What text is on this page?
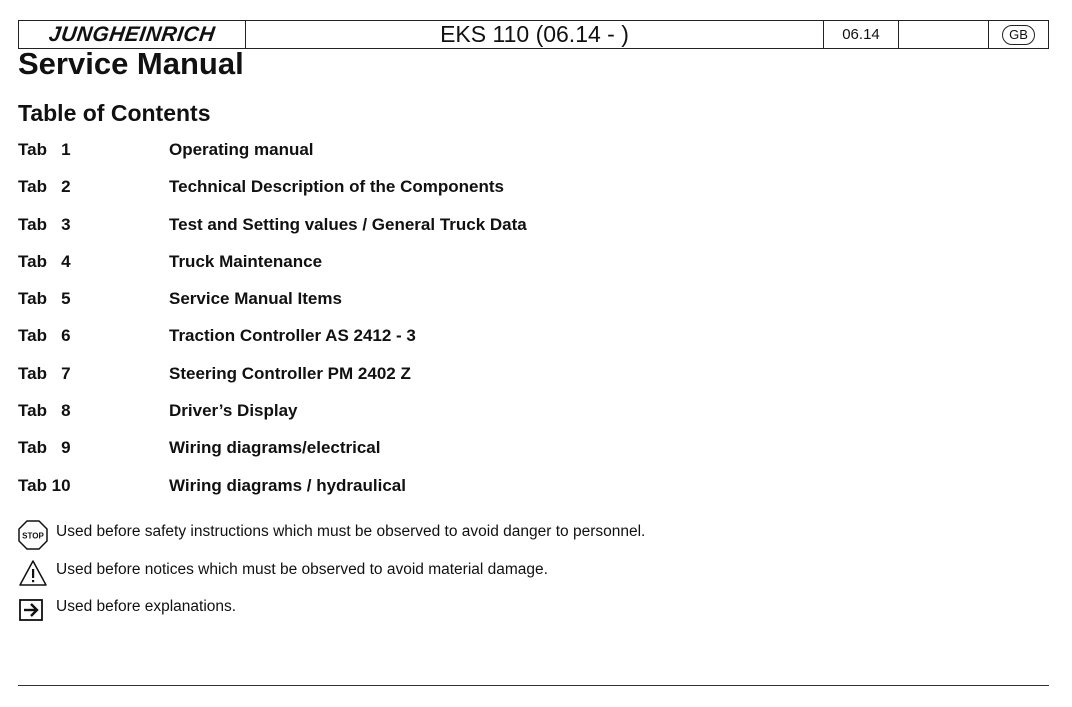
JUNGHEINRICH	EKS 110 (06.14 - )	06.14	GB
Service Manual
Table of Contents
Tab   1	Operating manual
Tab   2	Technical Description of the Components
Tab   3	Test and Setting values / General Truck Data
Tab   4	Truck Maintenance
Tab   5	Service Manual Items
Tab   6	Traction Controller AS 2412 - 3
Tab   7	Steering Controller PM 2402 Z
Tab   8	Driver’s Display
Tab   9	Wiring diagrams/electrical
Tab 10	Wiring diagrams / hydraulical
STOP Used before safety instructions which must be observed to avoid danger to personnel.
Used before notices which must be observed to avoid material damage.
Used before explanations.
